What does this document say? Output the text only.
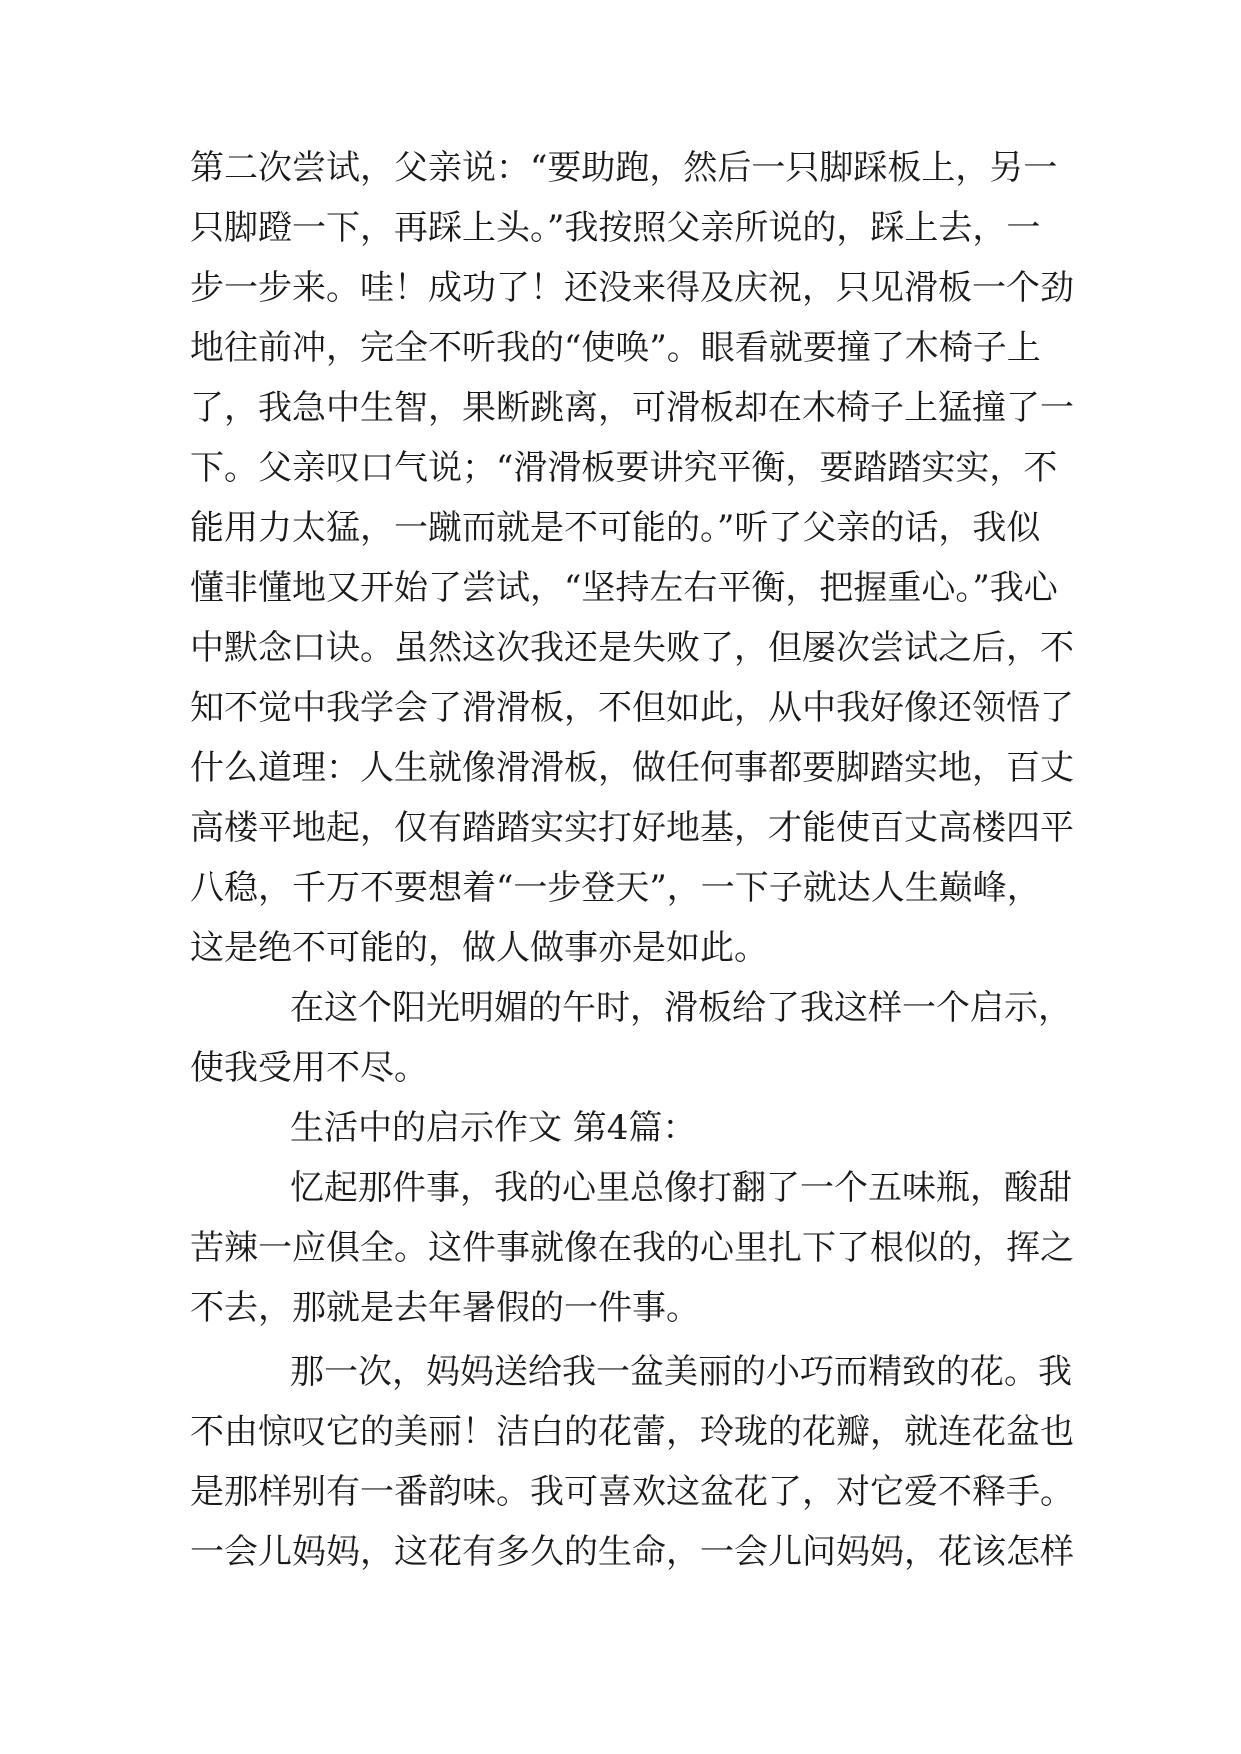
第二次尝试，父亲说：“要助跑，然后一只脚踩板上，另一
只脚蹬一下，再踩上头。”我按照父亲所说的，踩上去，一
步一步来。哇！成功了！还没来得及庆祝，只见滑板一个劲
地往前冲，完全不听我的“使唤”。眼看就要撞了木椅子上
了，我急中生智，果断跳离，可滑板却在木椅子上猛撞了一
下。父亲叹口气说；“滑滑板要讲究平衡，要踏踏实实，不
能用力太猛，一蹴而就是不可能的。”听了父亲的话，我似
懂非懂地又开始了尝试，“坚持左右平衡，把握重心。”我心
中默念口诀。虽然这次我还是失败了，但屡次尝试之后，不
知不觉中我学会了滑滑板，不但如此，从中我好像还领悟了
什么道理：人生就像滑滑板，做任何事都要脚踏实地，百丈
高楼平地起，仅有踏踏实实打好地基，才能使百丈高楼四平
八稳，千万不要想着“一步登天”，一下子就达人生巅峰，
这是绝不可能的，做人做事亦是如此。
在这个阳光明媚的午时，滑板给了我这样一个启示，
使我受用不尽。
生活中的启示作文 第4篇：
忆起那件事，我的心里总像打翻了一个五味瓶，酸甜
苦辣一应俱全。这件事就像在我的心里扎下了根似的，挥之
不去，那就是去年暑假的一件事。
那一次，妈妈送给我一盆美丽的小巧而精致的花。我
不由惊叹它的美丽！洁白的花蕾，玲珑的花瓣，就连花盆也
是那样别有一番韵味。我可喜欢这盆花了，对它爱不释手。
一会儿妈妈，这花有多久的生命，一会儿问妈妈，花该怎样
